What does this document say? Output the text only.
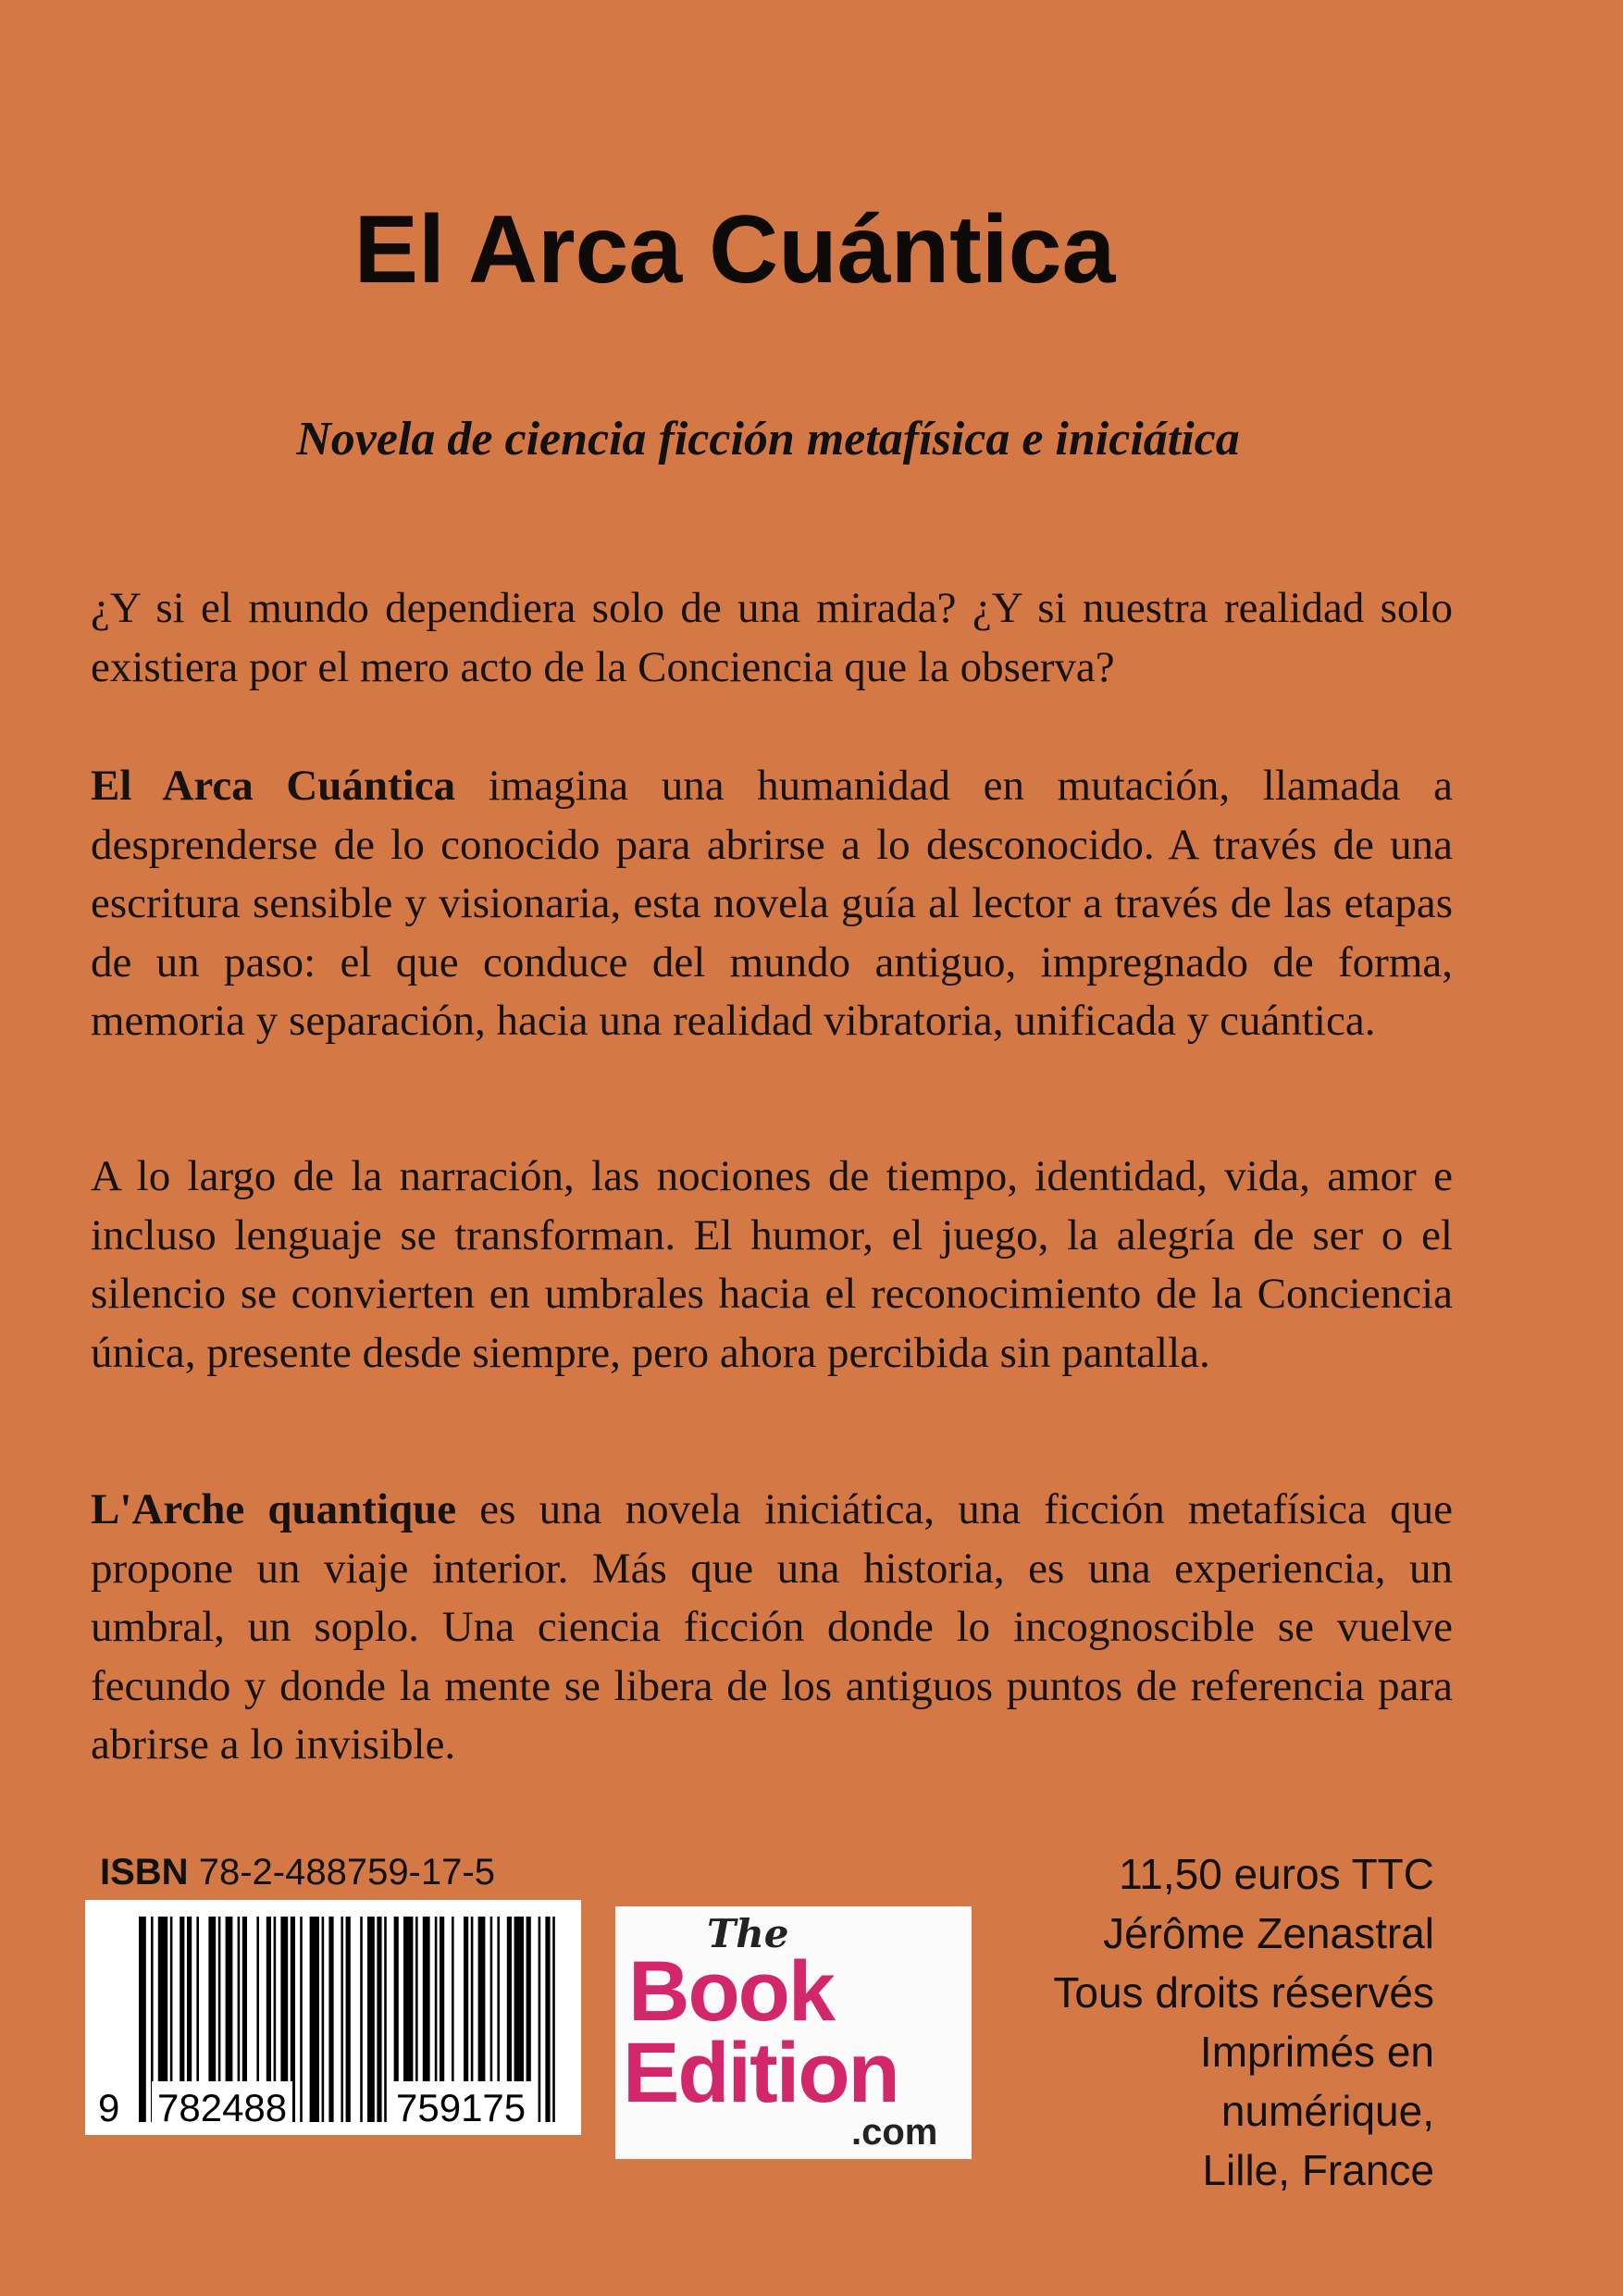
El Arca Cuántica
Novela de ciencia ficción metafísica e iniciática
¿Y si el mundo dependiera solo de una mirada? ¿Y si nuestra realidad solo existiera por el mero acto de la Conciencia que la observa?
El Arca Cuántica imagina una humanidad en mutación, llamada a desprenderse de lo conocido para abrirse a lo desconocido. A través de una escritura sensible y visionaria, esta novela guía al lector a través de las etapas de un paso: el que conduce del mundo antiguo, impregnado de forma, memoria y separación, hacia una realidad vibratoria, unificada y cuántica.
A lo largo de la narración, las nociones de tiempo, identidad, vida, amor e incluso lenguaje se transforman. El humor, el juego, la alegría de ser o el silencio se convierten en umbrales hacia el reconocimiento de la Conciencia única, presente desde siempre, pero ahora percibida sin pantalla.
L'Arche quantique es una novela iniciática, una ficción metafísica que propone un viaje interior. Más que una historia, es una experiencia, un umbral, un soplo. Una ciencia ficción donde lo incognoscible se vuelve fecundo y donde la mente se libera de los antiguos puntos de referencia para abrirse a lo invisible.
ISBN 78-2-488759-17-5
9 782488	759175
The
Book
Edition
.com
11,50 euros TTC
Jérôme Zenastral
Tous droits réservés
Imprimés en
numérique,
Lille, France
